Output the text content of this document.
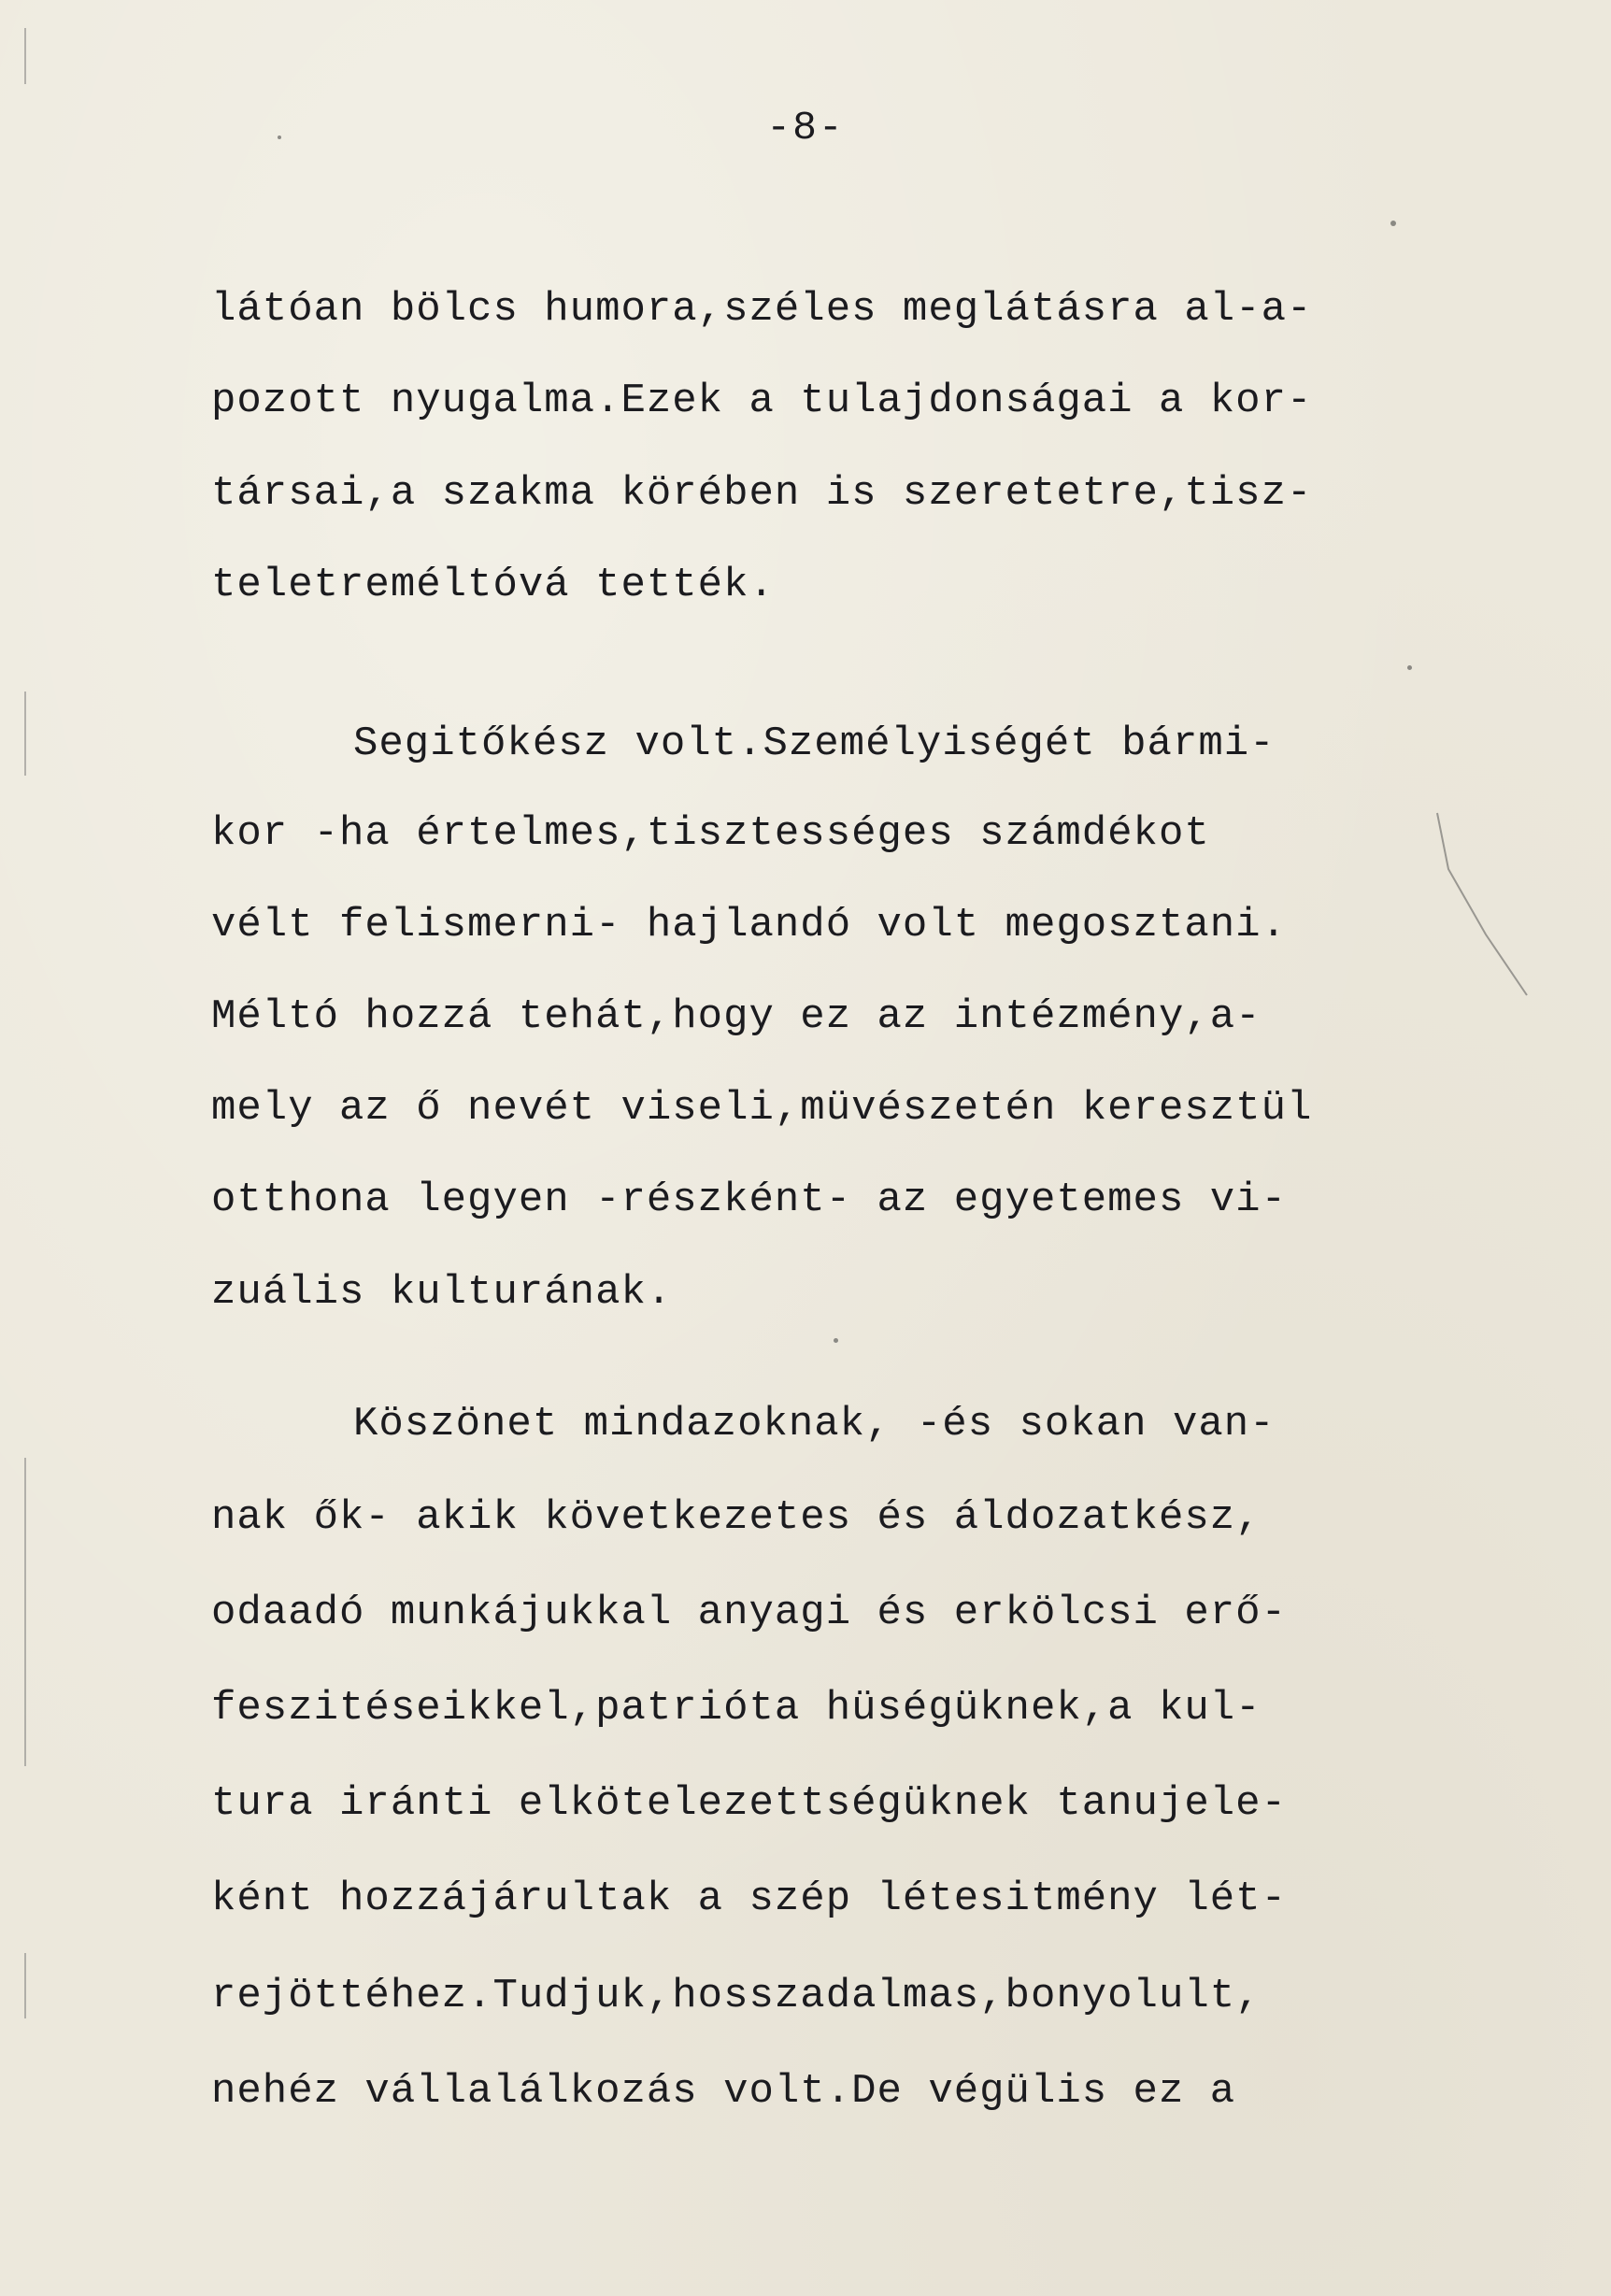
-8-
látóan bölcs humora,széles meglátásra al-a-
pozott nyugalma.Ezek a tulajdonságai a kor-
társai,a szakma körében is szeretetre,tisz-
teletreméltóvá tették.
Segitőkész volt.Személyiségét bármi-
kor -ha értelmes,tisztességes számdékot
vélt felismerni- hajlandó volt megosztani.
Méltó hozzá tehát,hogy ez az intézmény,a-
mely az ő nevét viseli,müvészetén keresztül
otthona legyen -részként- az egyetemes vi-
zuális kulturának.
Köszönet mindazoknak, -és sokan van-
nak ők- akik következetes és áldozatkész,
odaadó munkájukkal anyagi és erkölcsi erő-
feszitéseikkel,patrióta hüségüknek,a kul-
tura iránti elkötelezettségüknek tanujele-
ként hozzájárultak a szép létesitmény lét-
rejöttéhez.Tudjuk,hosszadalmas,bonyolult,
nehéz vállalálkozás volt.De végülis ez a
